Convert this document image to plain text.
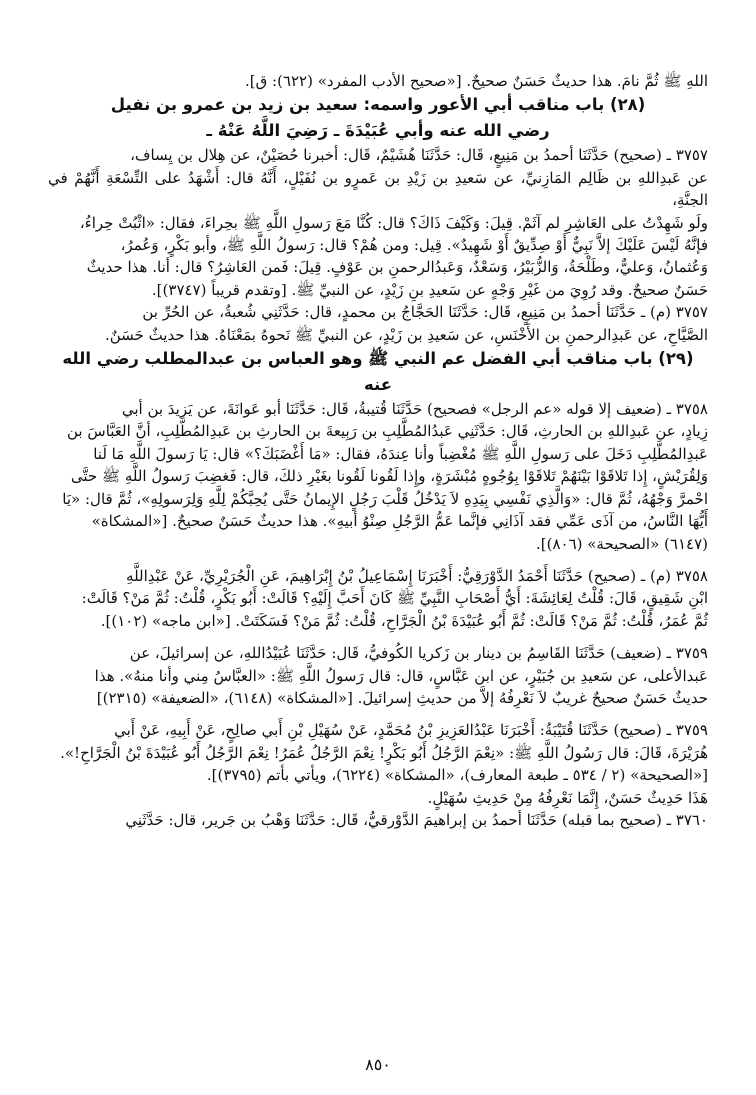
اللهِ ﷺ ثُمَّ نامَ. هذا حديثٌ حَسَنٌ صحيحٌ. [«صحيح الأدب المفرد» (٦٢٢): ق].

(٢٨) باب مناقب أبي الأعور واسمه: سعيد بن زيد بن عمرو بن نفيل

رضي الله عنه وأبي عُبَيْدَةَ ـ رَضِيَ اللَّهُ عَنْهُ ـ

٣٧٥٧ ـ (صحيح) حَدَّثَنَا أحمدُ بن مَنِيعٍ، قَال: حَدَّثَنَا هُشَيْمٌ، قَال: أخبرنا حُصَيْنٌ، عن هِلال بن يِساف،

عن عَبدِاللهِ بن ظَالِم المَازِنيِّ، عن سَعيدِ بن زَيْدِ بن عَمرٍو بن نُفَيْلٍ، أَنَّهُ قال: أَشْهَدُ على التِّسْعَةِ أَنَّهُمْ في الجنَّةِ،

ولَو شَهِدْتُ على العَاشِرِ لم آثَمْ. قِيلَ: وَكَيْفَ ذَاكَ؟ قال: كُنَّا مَعَ رَسولِ اللَّهِ ﷺ بحِراءَ، فقال: «اثْبُتْ حِراءُ،

فإنَّهُ لَيْسَ عَلَيْكَ إلاَّ نَبِيٌّ أَوْ صِدِّيقٌ أَوْ شَهِيدٌ». قِيل: ومن هُمْ؟ قال: رَسولُ اللَّهِ ﷺ، وأبو بَكْرٍ، وَعُمرُ،

وَعُثمانُ، وَعليٌّ، وطَلْحَةُ، وَالزُّبَيْرُ، وَسَعْدٌ، وَعَبدُالرحمنِ بن عَوْفٍ. قِيلَ: فَمن العَاشِرُ؟ قال: أنا. هذا حديثٌ

حَسَنٌ صحيحٌ. وقد رُوِيَ من غَيْرِ وَجْهٍ عن سَعيدِ بنِ زَيْدٍ، عن النبيِّ ﷺ. [وتقدم قريباً (٣٧٤٧)].

٣٧٥٧ (م) ـ حَدَّثَنَا أحمدُ بن مَنِيعٍ، قَال: حَدَّثَنَا الحَجَّاجُ بن محمدٍ، قال: حَدَّثَنِي شُعبةُ، عن الحُرِّ بن

الصَّيَّاحِ، عن عَبدِالرحمنِ بن الأَخْنَسِ، عن سَعيدِ بن زَيْدٍ، عن النبيِّ ﷺ نَحوهُ بمَعْنَاهُ. هذا حديثٌ حَسَنٌ.

(٢٩) باب مناقب أبي الفضل عم النبي ﷺ وهو العباس بن عبدالمطلب رضي الله عنه

٣٧٥٨ ـ (ضعيف إلا قوله «عم الرجل» فصحيح) حَدَّثَنَا قُتيبةُ، قَال: حَدَّثَنَا أبو عَوانَةَ، عن يَزيدَ بن أبي

زِيادٍ، عن عَبدِاللهِ بن الحارثِ، قَال: حَدَّثَنِي عَبدُالمُطَّلِبِ بن رَبِيعةَ بن الحارثِ بن عَبدِالمُطَّلِبِ، أنَّ العَبَّاسَ بن

عَبدِالمُطَّلِبِ دَخَلَ على رَسولِ اللَّهِ ﷺ مُغْضِباً وأنا عِندَهُ، فقال: «مَا أَغْضَبَكَ؟» قال: يَا رَسولَ اللَّهِ مَا لَنا

وَلِقُرَيْشٍ، إِذا تَلاقَوْا بَيْنَهُمْ تَلاقَوْا بِوُجُوهٍ مُبْشَرَةٍ، وإِذا لَقُونا لَقُونا بغَيْرِ ذلكَ، قال: فَغضِبَ رَسولُ اللَّهِ ﷺ حتَّى

احْمرَّ وَجْهُهُ، ثُمَّ قال: «وَالَّذِي نَفْسِي بِيَدِهِ لاَ يَدْخُلُ قَلْبَ رَجُلٍ الإِيمانُ حَتَّى يُحِبَّكُمْ لِلَّهِ وَلِرَسولِهِ»، ثُمَّ قال: «يَا

أَيُّهَا النَّاسُ، من آذَى عَمِّي فقد آذَانِي فإنَّما عَمُّ الرَّجُلِ صِنْوُ أبيهِ». هذا حديثٌ حَسَنٌ صحيحٌ. [«المشكاة»

(٦١٤٧) «الصحيحة» (٨٠٦)].

٣٧٥٨ (م) ـ (صحيح) حَدَّثَنَا أَحْمَدُ الدَّوْرَقِيُّ: أَخْبَرَنَا إِسْمَاعِيلُ بْنُ إِبْرَاهِيمَ، عَنِ الْجُرَيْرِيِّ، عَنْ عَبْدِاللَّهِ

ابْنِ شَقِيقٍ، قَالَ: قُلْتُ لِعَائِشَةَ: أَيُّ أَصْحَابِ النَّبِيِّ ﷺ كَانَ أَحَبَّ إِلَيْهِ؟ قَالَتْ: أَبُو بَكْرٍ، قُلْتُ: ثُمَّ مَنْ؟ قَالَتْ:

ثُمَّ عُمَرُ، قُلْتُ: ثُمَّ مَنْ؟ قَالَتْ: ثُمَّ أَبُو عُبَيْدَةَ بْنُ الْجَرَّاحِ، قُلْتُ: ثُمَّ مَنْ؟ فَسَكَتَتْ. [«ابن ماجه» (١٠٢)].

٣٧٥٩ ـ (ضعيف) حَدَّثَنَا القَاسِمُ بن دينار بن زَكريا الكُوفيُّ، قَال: حَدَّثَنَا عُبَيْدُاللهِ، عن إسرائيلَ، عن

عَبدالأعلى، عن سَعيدِ بن جُبَيْرٍ، عن ابن عَبَّاسٍ، قال: قال رَسولُ اللَّهِ ﷺ: «العبَّاسُ مِني وأنا منهُ». هذا

حديثٌ حَسَنٌ صحيحٌ غريبٌ لاَ نَعْرِفُهُ إلاَّ من حديثِ إسرائيلَ. [«المشكاة» (٦١٤٨)، «الضعيفة» (٢٣١٥)]

٣٧٥٩ ـ (صحيح) حَدَّثَنَا قُتَيْبَةُ: أَخْبَرَنَا عَبْدُالعَزِيزِ بْنُ مُحَمَّدٍ، عَنْ سُهَيْلِ بْنِ أَبي صالِحٍ، عَنْ أَبِيهِ، عَنْ أَبي

هُرَيْرَةَ، قَالَ: قال رَسُولُ اللَّهِ ﷺ: «نِعْمَ الرَّجُلُ أَبُو بَكْرٍ! نِعْمَ الرَّجُلُ عُمَرُ! نِعْمَ الرَّجُلُ أَبُو عُبَيْدَةَ بْنُ الْجَرَّاحِ!».

[«الصحيحة» (٢ / ٥٣٤ ـ طبعة المعارف)، «المشكاة» (٦٢٢٤)، ويأتي بأتم (٣٧٩٥)].

هَذَا حَدِيثٌ حَسَنٌ، إِنَّمَا نَعْرِفُهُ مِنْ حَدِيثِ سُهَيْلٍ.

٣٧٦٠ ـ (صحيح بما قبله) حَدَّثَنَا أحمدُ بن إبراهيمَ الدَّوْرقيُّ، قَال: حَدَّثَنَا وَهْبُ بن جَرير، قال: حَدَّثَنِي

٨٥٠
